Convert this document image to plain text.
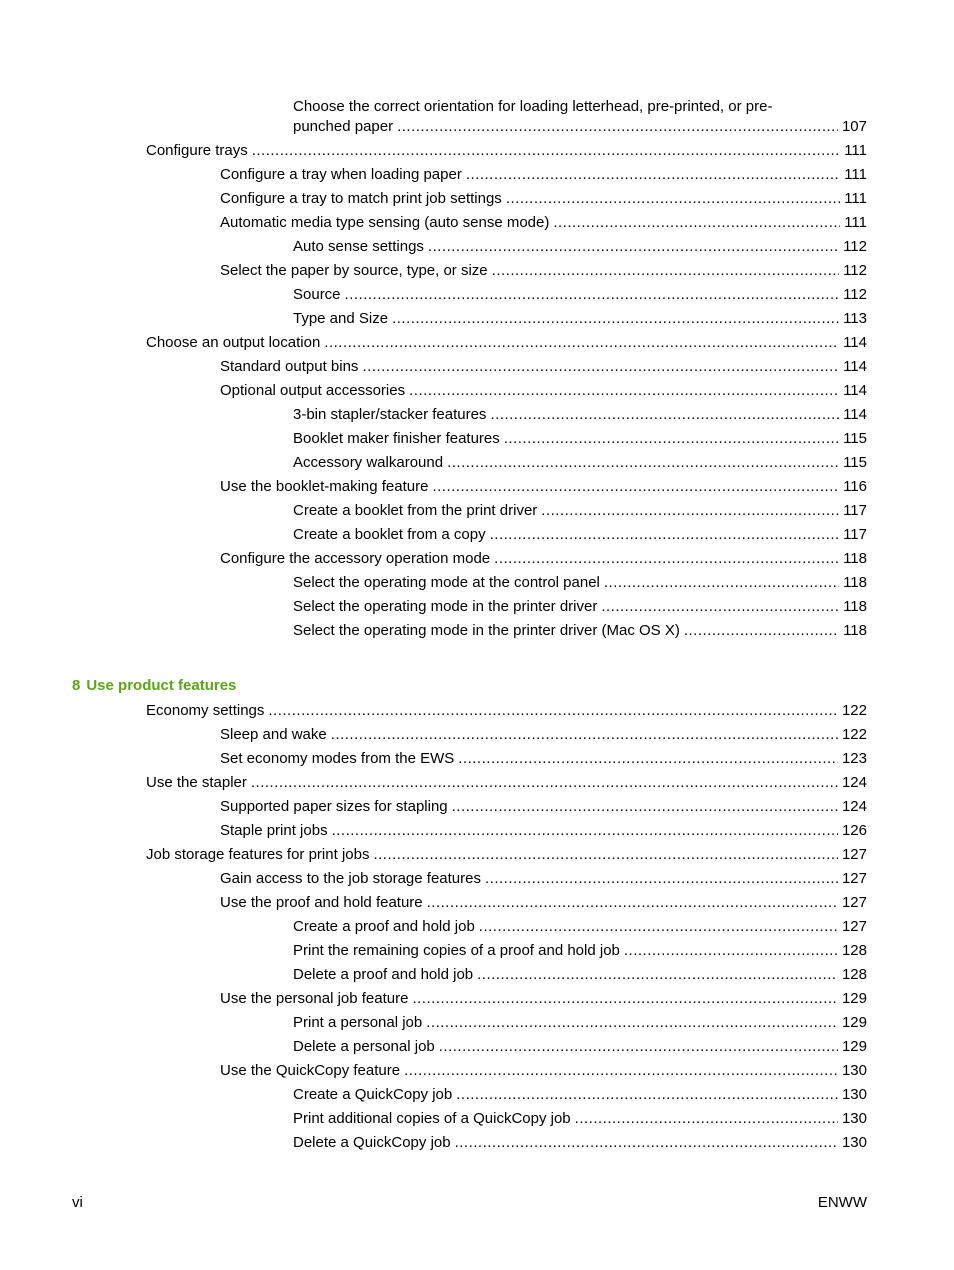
Choose the correct orientation for loading letterhead, pre-printed, or pre-
punched paper .....	107
Configure trays .....	111
Configure a tray when loading paper .....	111
Configure a tray to match print job settings .....	111
Automatic media type sensing (auto sense mode) .....	111
Auto sense settings .....	112
Select the paper by source, type, or size .....	112
Source .....	112
Type and Size .....	113
Choose an output location .....	114
Standard output bins .....	114
Optional output accessories .....	114
3-bin stapler/stacker features .....	114
Booklet maker finisher features .....	115
Accessory walkaround .....	115
Use the booklet-making feature .....	116
Create a booklet from the print driver .....	117
Create a booklet from a copy .....	117
Configure the accessory operation mode .....	118
Select the operating mode at the control panel .....	118
Select the operating mode in the printer driver .....	118
Select the operating mode in the printer driver (Mac OS X) .....	118
8 Use product features
Economy settings .....	122
Sleep and wake .....	122
Set economy modes from the EWS .....	123
Use the stapler .....	124
Supported paper sizes for stapling .....	124
Staple print jobs .....	126
Job storage features for print jobs .....	127
Gain access to the job storage features .....	127
Use the proof and hold feature .....	127
Create a proof and hold job .....	127
Print the remaining copies of a proof and hold job .....	128
Delete a proof and hold job .....	128
Use the personal job feature .....	129
Print a personal job .....	129
Delete a personal job .....	129
Use the QuickCopy feature .....	130
Create a QuickCopy job .....	130
Print additional copies of a QuickCopy job .....	130
Delete a QuickCopy job .....	130
vi	ENWW
